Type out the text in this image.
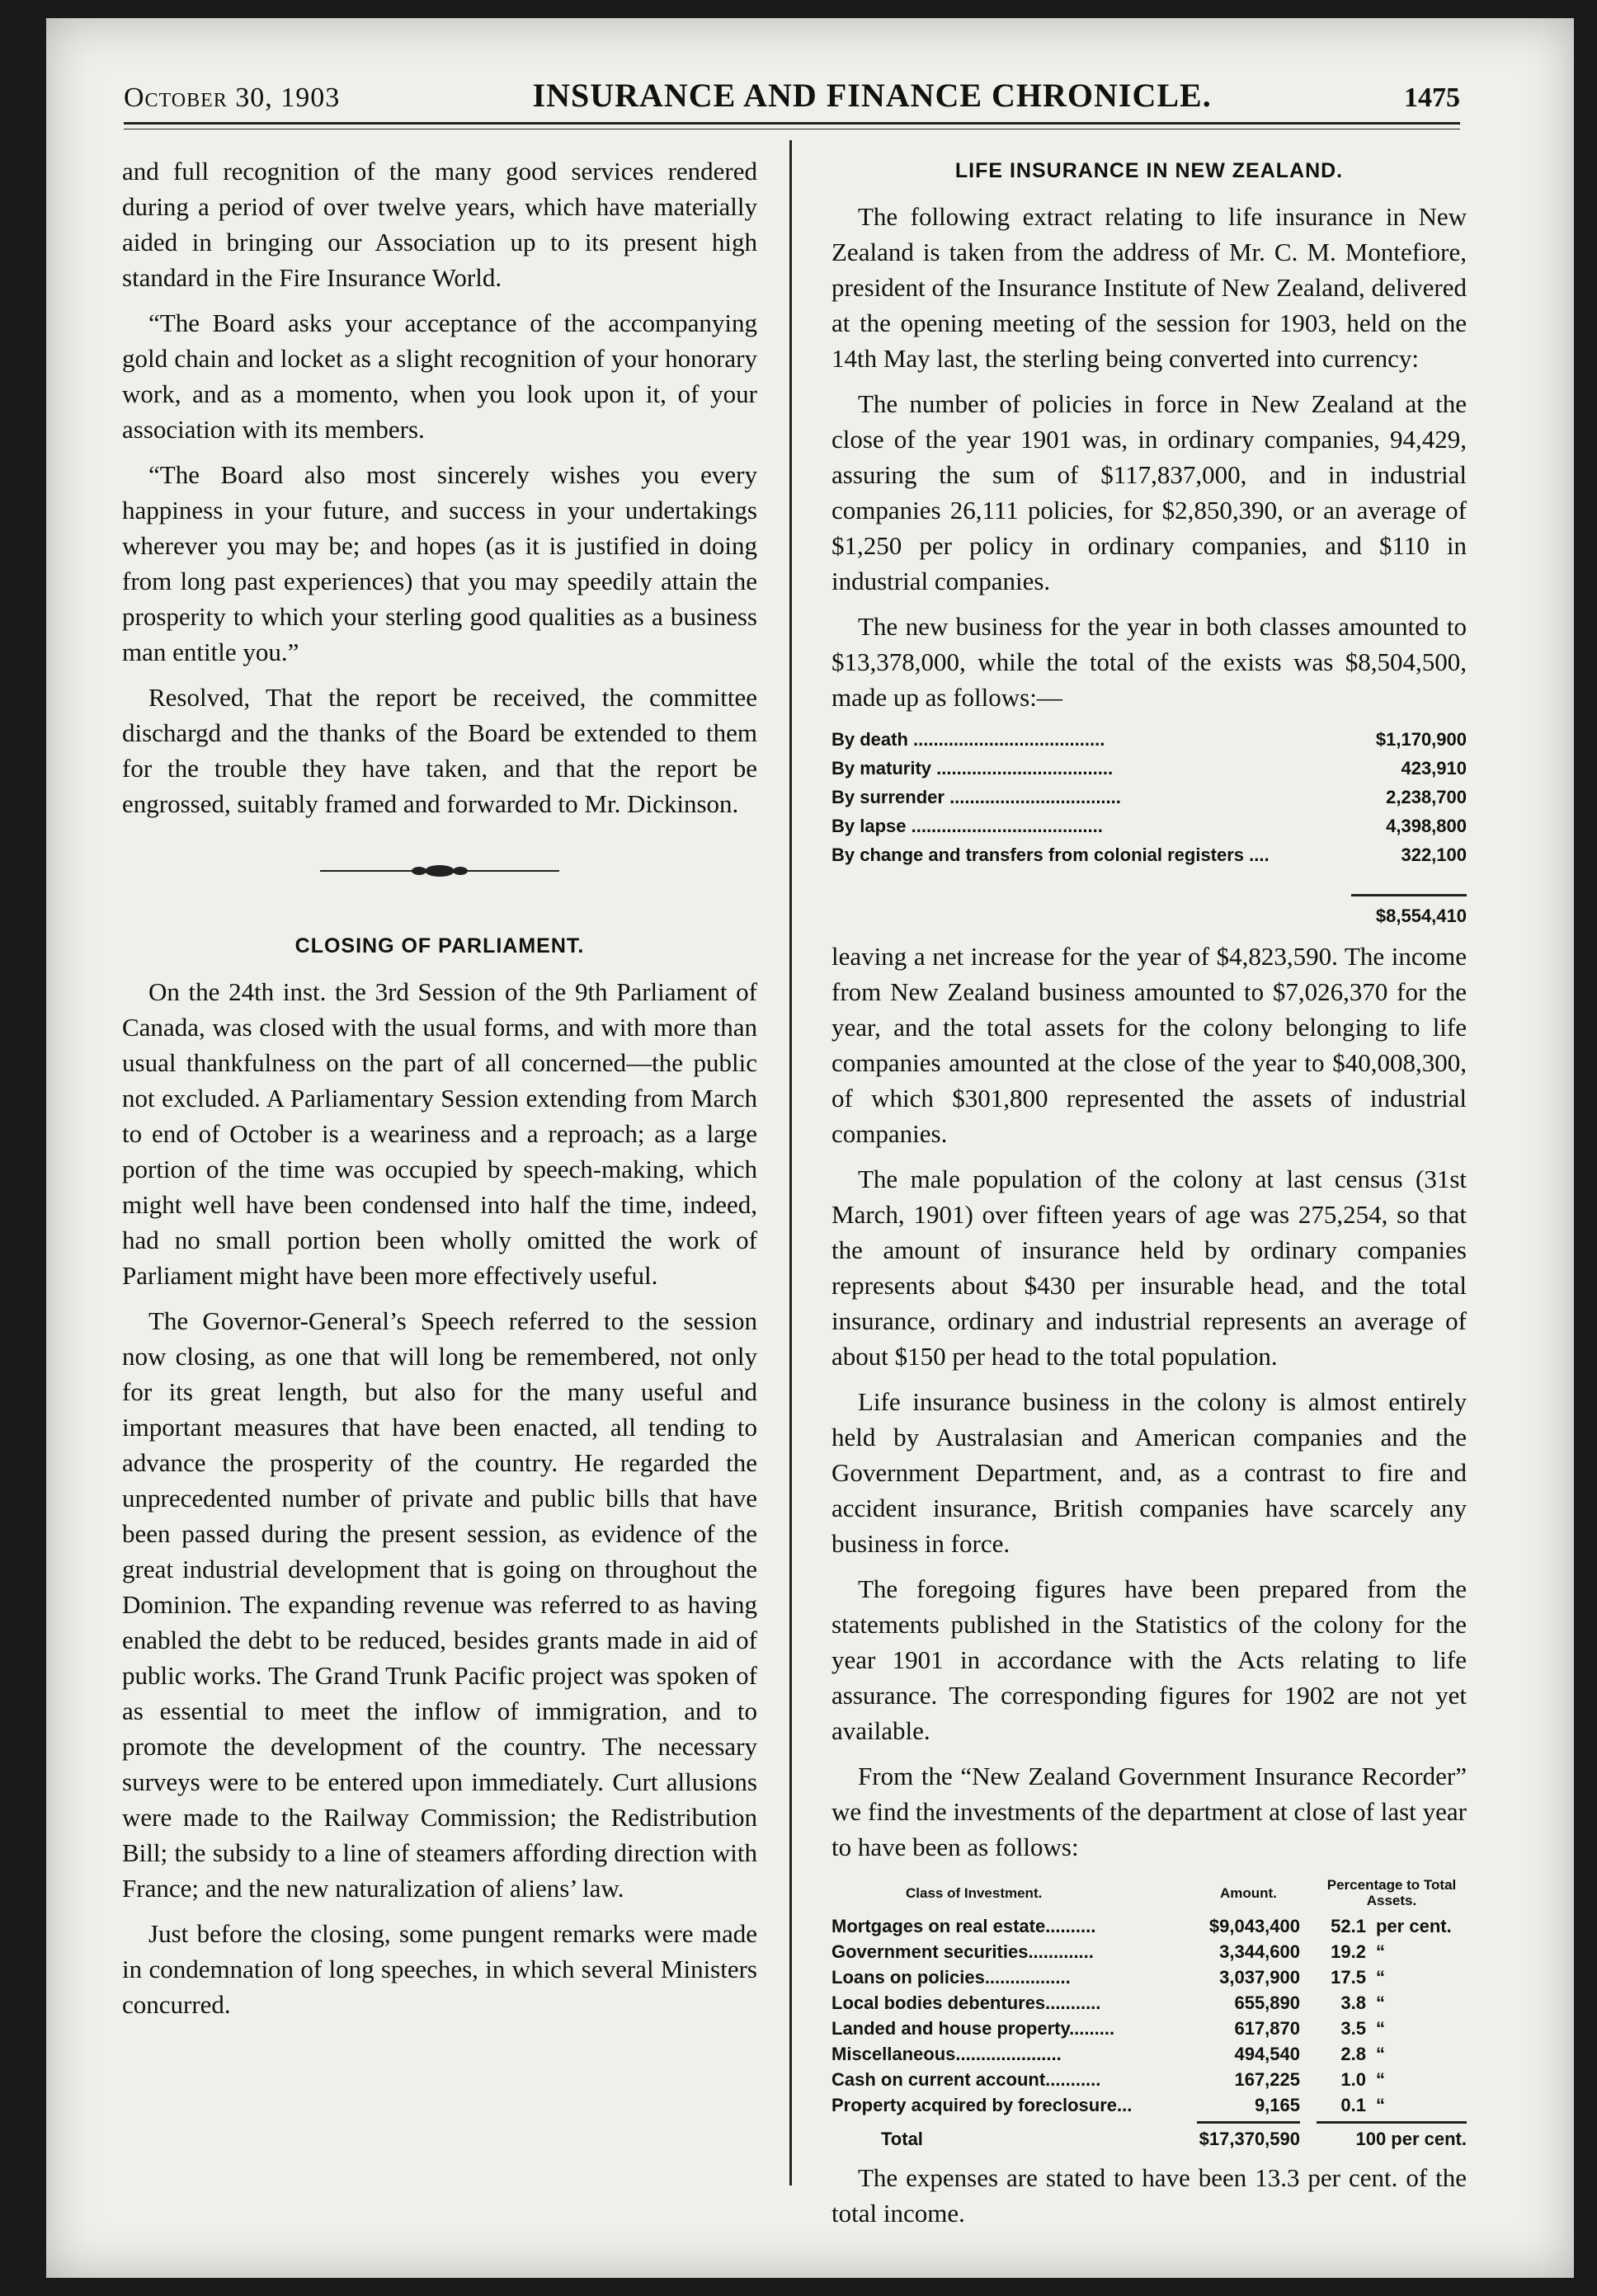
October 30, 1903	INSURANCE AND FINANCE CHRONICLE.	1475

and full recognition of the many good services rendered during a period of over twelve years, which have materially aided in bringing our Association up to its present high standard in the Fire Insurance World.

“The Board asks your acceptance of the accompanying gold chain and locket as a slight recognition of your honorary work, and as a momento, when you look upon it, of your association with its members.

“The Board also most sincerely wishes you every happiness in your future, and success in your undertakings wherever you may be; and hopes (as it is justified in doing from long past experiences) that you may speedily attain the prosperity to which your sterling good qualities as a business man entitle you.”

Resolved, That the report be received, the committee dischargd and the thanks of the Board be extended to them for the trouble they have taken, and that the report be engrossed, suitably framed and forwarded to Mr. Dickinson.

CLOSING OF PARLIAMENT.

On the 24th inst. the 3rd Session of the 9th Parliament of Canada, was closed with the usual forms, and with more than usual thankfulness on the part of all concerned—the public not excluded. A Parliamentary Session extending from March to end of October is a weariness and a reproach; as a large portion of the time was occupied by speech-making, which might well have been condensed into half the time, indeed, had no small portion been wholly omitted the work of Parliament might have been more effectively useful.

The Governor-General’s Speech referred to the session now closing, as one that will long be remembered, not only for its great length, but also for the many useful and important measures that have been enacted, all tending to advance the prosperity of the country. He regarded the unprecedented number of private and public bills that have been passed during the present session, as evidence of the great industrial development that is going on throughout the Dominion. The expanding revenue was referred to as having enabled the debt to be reduced, besides grants made in aid of public works. The Grand Trunk Pacific project was spoken of as essential to meet the inflow of immigration, and to promote the development of the country. The necessary surveys were to be entered upon immediately. Curt allusions were made to the Railway Commission; the Redistribution Bill; the subsidy to a line of steamers affording direction with France; and the new naturalization of aliens’ law.

Just before the closing, some pungent remarks were made in condemnation of long speeches, in which several Ministers concurred.

LIFE INSURANCE IN NEW ZEALAND.

The following extract relating to life insurance in New Zealand is taken from the address of Mr. C. M. Montefiore, president of the Insurance Institute of New Zealand, delivered at the opening meeting of the session for 1903, held on the 14th May last, the sterling being converted into currency:

The number of policies in force in New Zealand at the close of the year 1901 was, in ordinary companies, 94,429, assuring the sum of $117,837,000, and in industrial companies 26,111 policies, for $2,850,390, or an average of $1,250 per policy in ordinary companies, and $110 in industrial companies.

The new business for the year in both classes amounted to $13,378,000, while the total of the exists was $8,504,500, made up as follows:—

By death ......................................	$1,170,900
By maturity ...................................	423,910
By surrender ..................................	2,238,700
By lapse ......................................	4,398,800
By change and transfers from colonial registers ....	322,100

$8,554,410

leaving a net increase for the year of $4,823,590. The income from New Zealand business amounted to $7,026,370 for the year, and the total assets for the colony belonging to life companies amounted at the close of the year to $40,008,300, of which $301,800 represented the assets of industrial companies.

The male population of the colony at last census (31st March, 1901) over fifteen years of age was 275,254, so that the amount of insurance held by ordinary companies represents about $430 per insurable head, and the total insurance, ordinary and industrial represents an average of about $150 per head to the total population.

Life insurance business in the colony is almost entirely held by Australasian and American companies and the Government Department, and, as a contrast to fire and accident insurance, British companies have scarcely any business in force.

The foregoing figures have been prepared from the statements published in the Statistics of the colony for the year 1901 in accordance with the Acts relating to life assurance. The corresponding figures for 1902 are not yet available.

From the “New Zealand Government Insurance Recorder” we find the investments of the department at close of last year to have been as follows:

Class of Investment.	Amount.	Percentage to Total Assets.	
Mortgages on real estate..........	$9,043,400	52.1	per cent.
Government securities.............	3,344,600	19.2	“
Loans on policies.................	3,037,900	17.5	“
Local bodies debentures...........	655,890	3.8	“
Landed and house property.........	617,870	3.5	“
Miscellaneous.....................	494,540	2.8	“
Cash on current account...........	167,225	1.0	“
Property acquired by foreclosure...	9,165	0.1	“

Total	$17,370,590	100 per cent.	

The expenses are stated to have been 13.3 per cent. of the total income.
